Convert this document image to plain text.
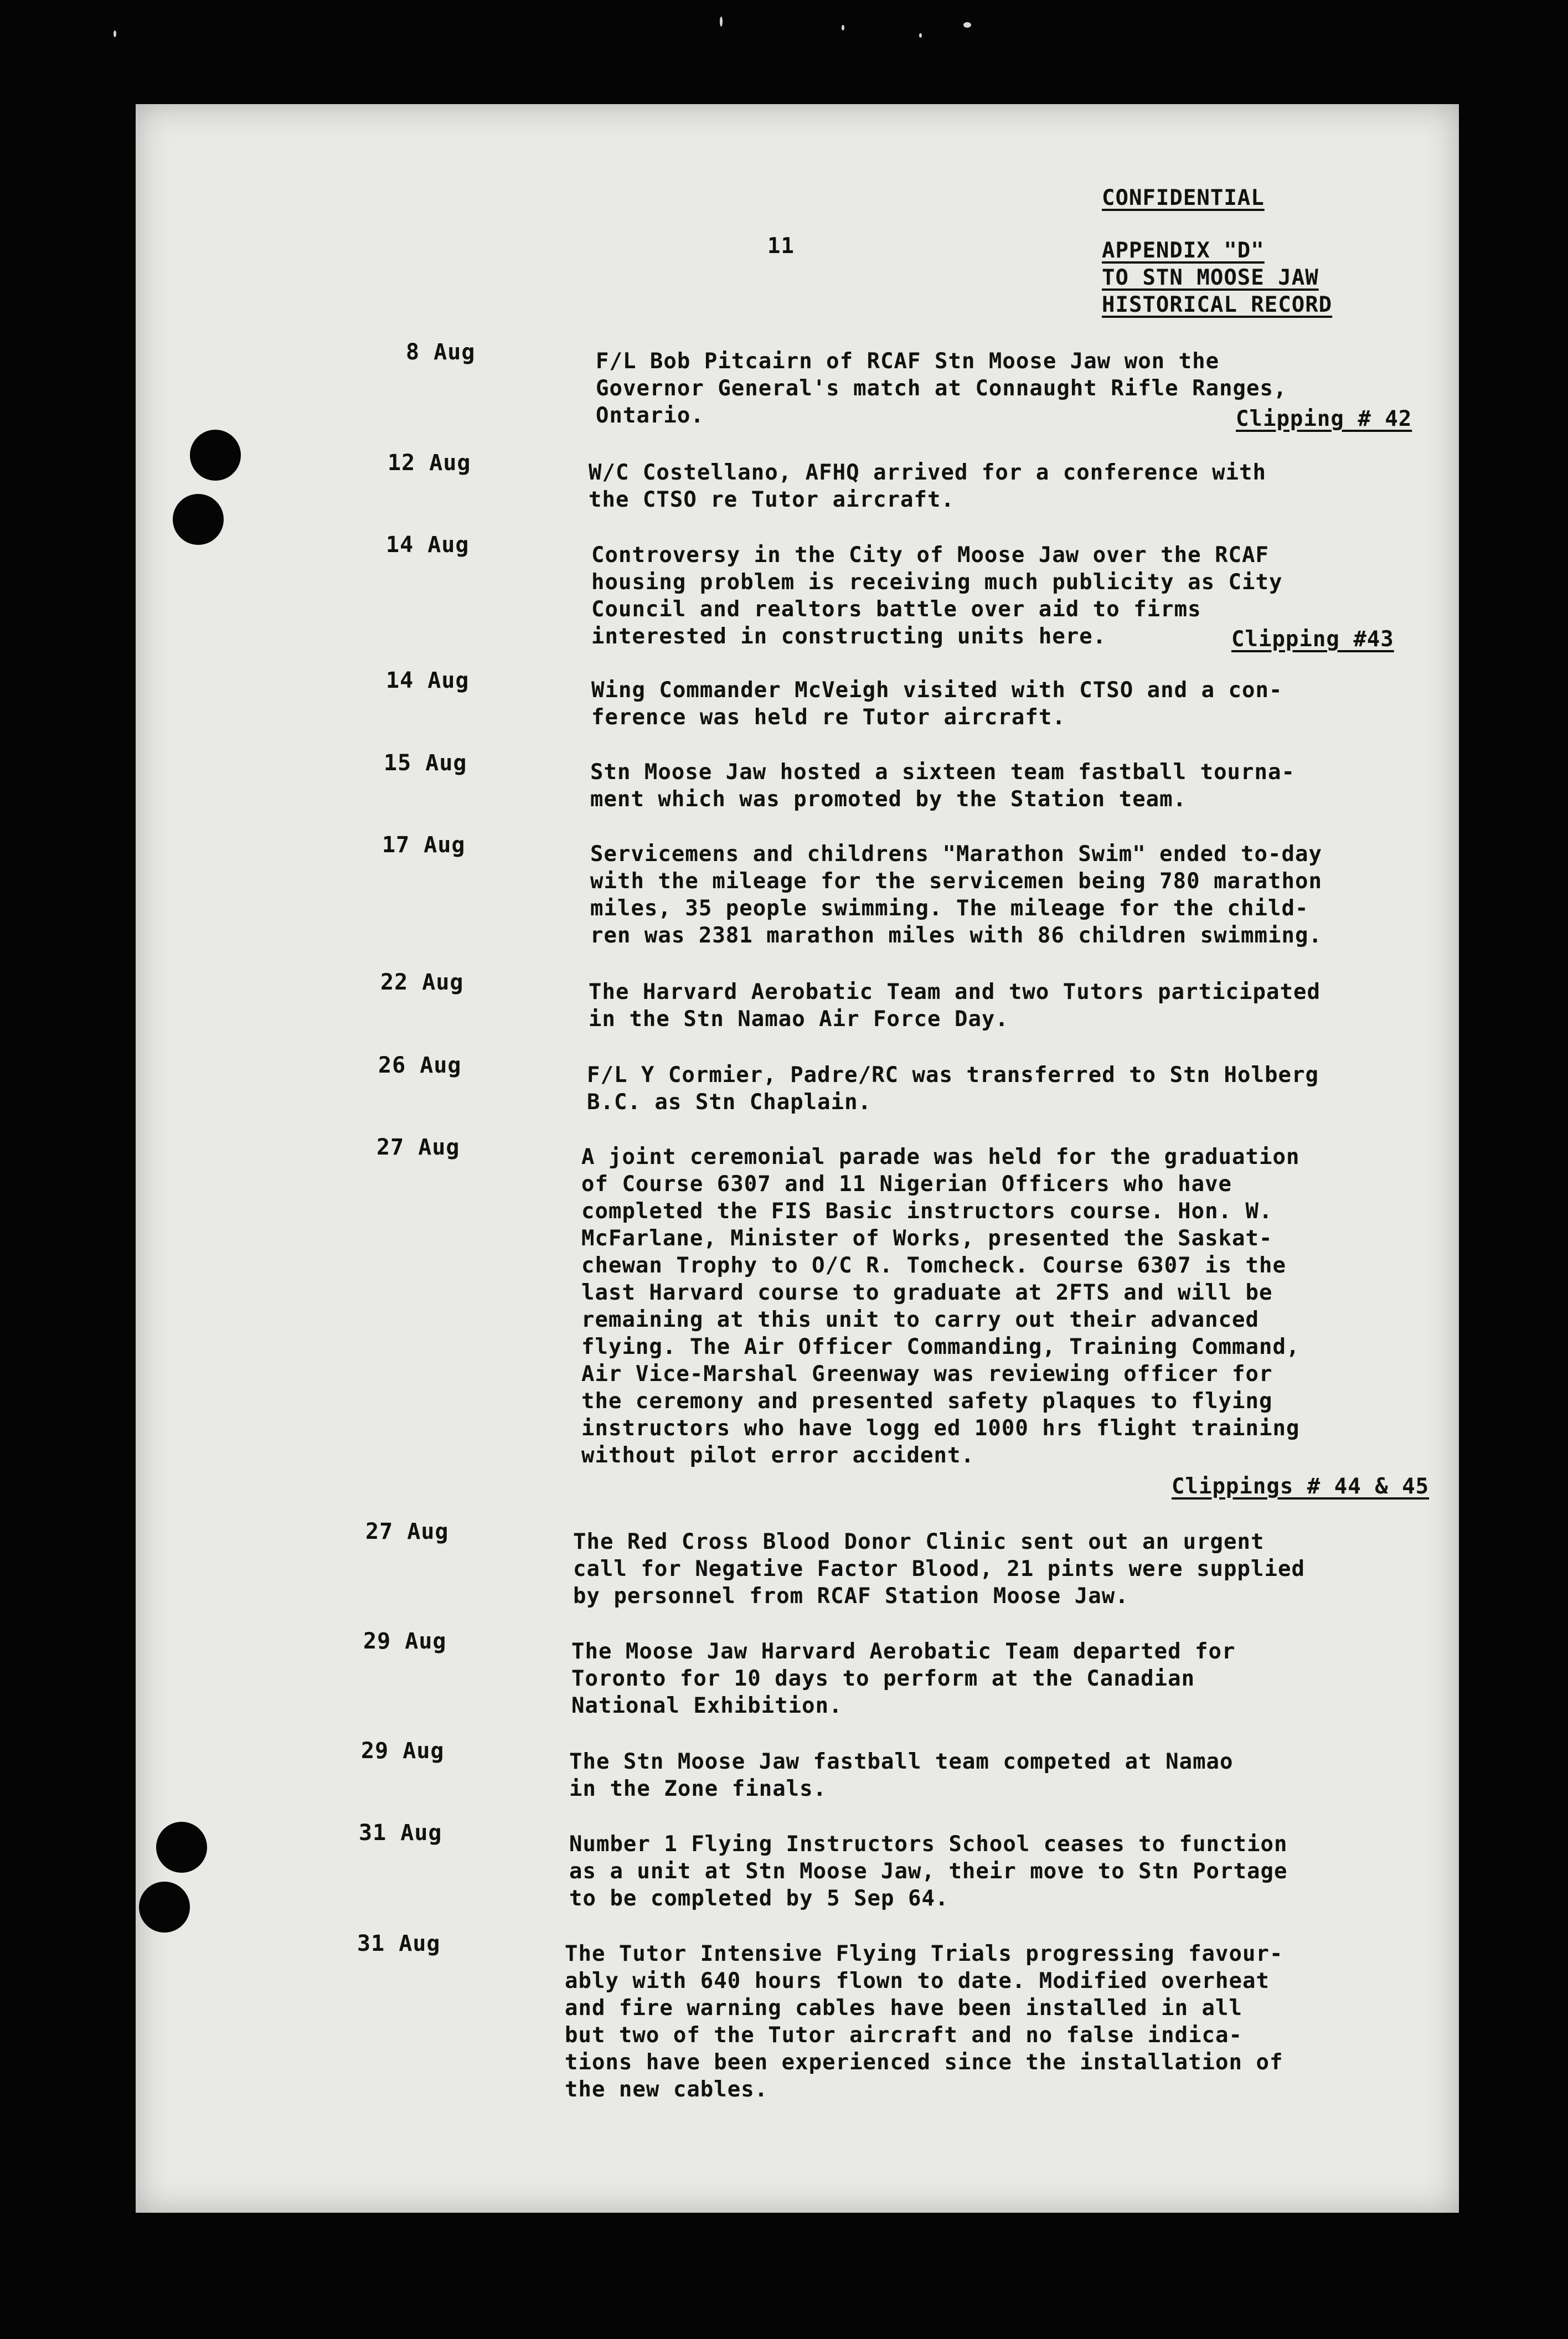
CONFIDENTIAL
11	APPENDIX "D"
TO STN MOOSE JAW
HISTORICAL RECORD
8 Aug	F/L Bob Pitcairn of RCAF Stn Moose Jaw won the
Governor General's match at Connaught Rifle Ranges,
Ontario.	Clipping # 42
12 Aug	W/C Costellano, AFHQ arrived for a conference with
the CTSO re Tutor aircraft.
14 Aug	Controversy in the City of Moose Jaw over the RCAF
housing problem is receiving much publicity as City
Council and realtors battle over aid to firms
interested in constructing units here.	Clipping #43
14 Aug	Wing Commander McVeigh visited with CTSO and a con-
ference was held re Tutor aircraft.
15 Aug	Stn Moose Jaw hosted a sixteen team fastball tourna-
ment which was promoted by the Station team.
17 Aug	Servicemens and childrens "Marathon Swim" ended to-day
with the mileage for the servicemen being 780 marathon
miles, 35 people swimming. The mileage for the child-
ren was 2381 marathon miles with 86 children swimming.
22 Aug	The Harvard Aerobatic Team and two Tutors participated
in the Stn Namao Air Force Day.
26 Aug	F/L Y Cormier, Padre/RC was transferred to Stn Holberg
B.C. as Stn Chaplain.
27 Aug	A joint ceremonial parade was held for the graduation
of Course 6307 and 11 Nigerian Officers who have
completed the FIS Basic instructors course. Hon. W.
McFarlane, Minister of Works, presented the Saskat-
chewan Trophy to O/C R. Tomcheck. Course 6307 is the
last Harvard course to graduate at 2FTS and will be
remaining at this unit to carry out their advanced
flying. The Air Officer Commanding, Training Command,
Air Vice-Marshal Greenway was reviewing officer for
the ceremony and presented safety plaques to flying
instructors who have logg ed 1000 hrs flight training
without pilot error accident.
Clippings # 44 & 45
27 Aug	The Red Cross Blood Donor Clinic sent out an urgent
call for Negative Factor Blood, 21 pints were supplied
by personnel from RCAF Station Moose Jaw.
29 Aug	The Moose Jaw Harvard Aerobatic Team departed for
Toronto for 10 days to perform at the Canadian
National Exhibition.
29 Aug	The Stn Moose Jaw fastball team competed at Namao
in the Zone finals.
31 Aug	Number 1 Flying Instructors School ceases to function
as a unit at Stn Moose Jaw, their move to Stn Portage
to be completed by 5 Sep 64.
31 Aug	The Tutor Intensive Flying Trials progressing favour-
ably with 640 hours flown to date. Modified overheat
and fire warning cables have been installed in all
but two of the Tutor aircraft and no false indica-
tions have been experienced since the installation of
the new cables.
